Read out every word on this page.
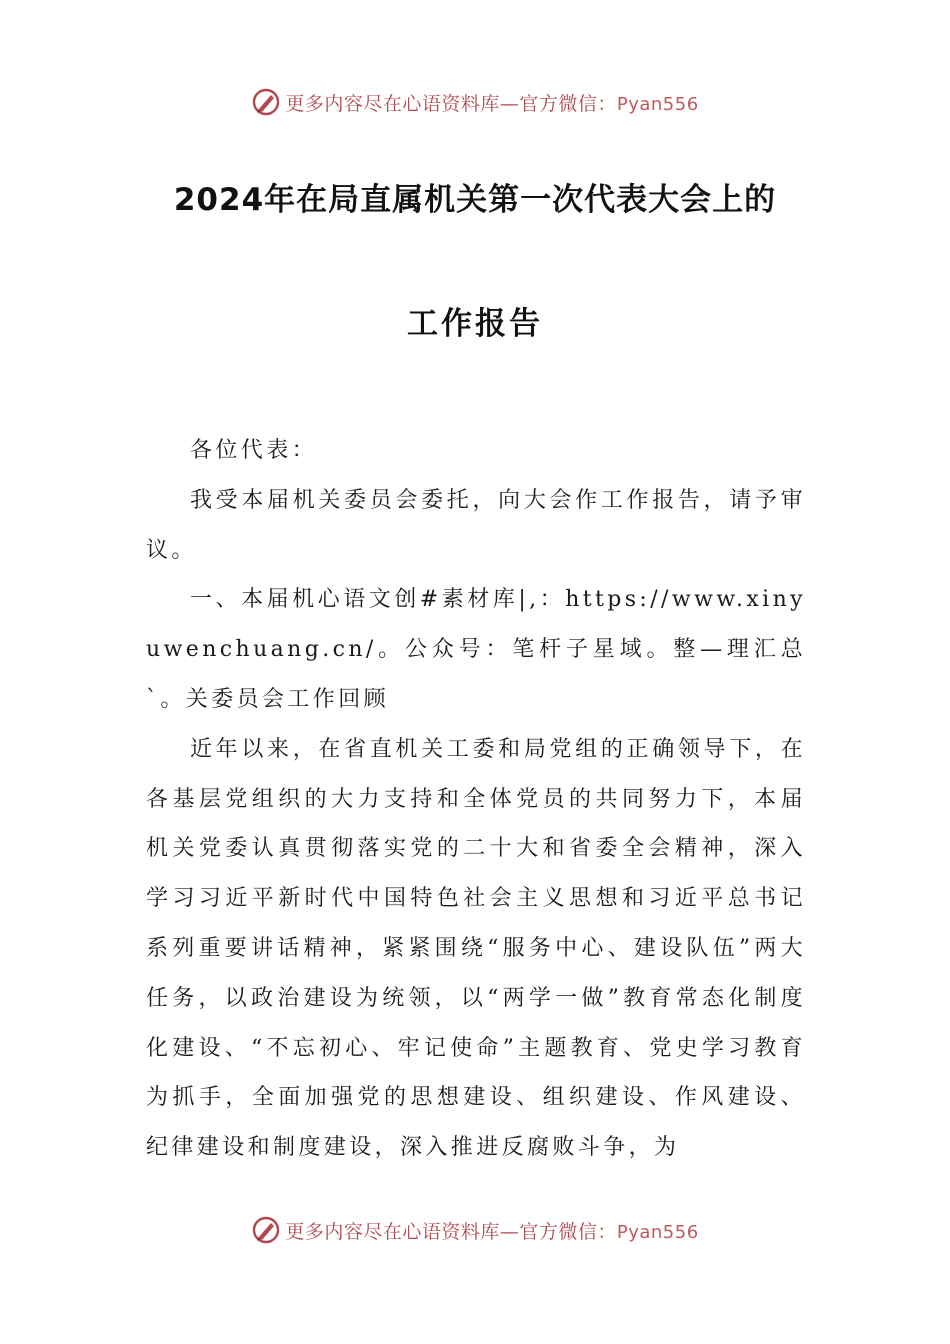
更多内容尽在心语资料库—官方微信：Pyan556
2024年在局直属机关第一次代表大会上的
工作报告

各位代表：

我受本届机关委员会委托，向大会作工作报告，请予审议。

一、本届机心语文创#素材库|,：https://www.xinyuwenchuang.cn/。公众号：笔杆子星域。整—理汇总`。关委员会工作回顾

近年以来，在省直机关工委和局党组的正确领导下，在各基层党组织的大力支持和全体党员的共同努力下，本届机关党委认真贯彻落实党的二十大和省委全会精神，深入学习习近平新时代中国特色社会主义思想和习近平总书记系列重要讲话精神，紧紧围绕“服务中心、建设队伍”两大任务，以政治建设为统领，以“两学一做”教育常态化制度化建设、“不忘初心、牢记使命”主题教育、党史学习教育为抓手，全面加强党的思想建设、组织建设、作风建设、纪律建设和制度建设，深入推进反腐败斗争，为

更多内容尽在心语资料库—官方微信：Pyan556
